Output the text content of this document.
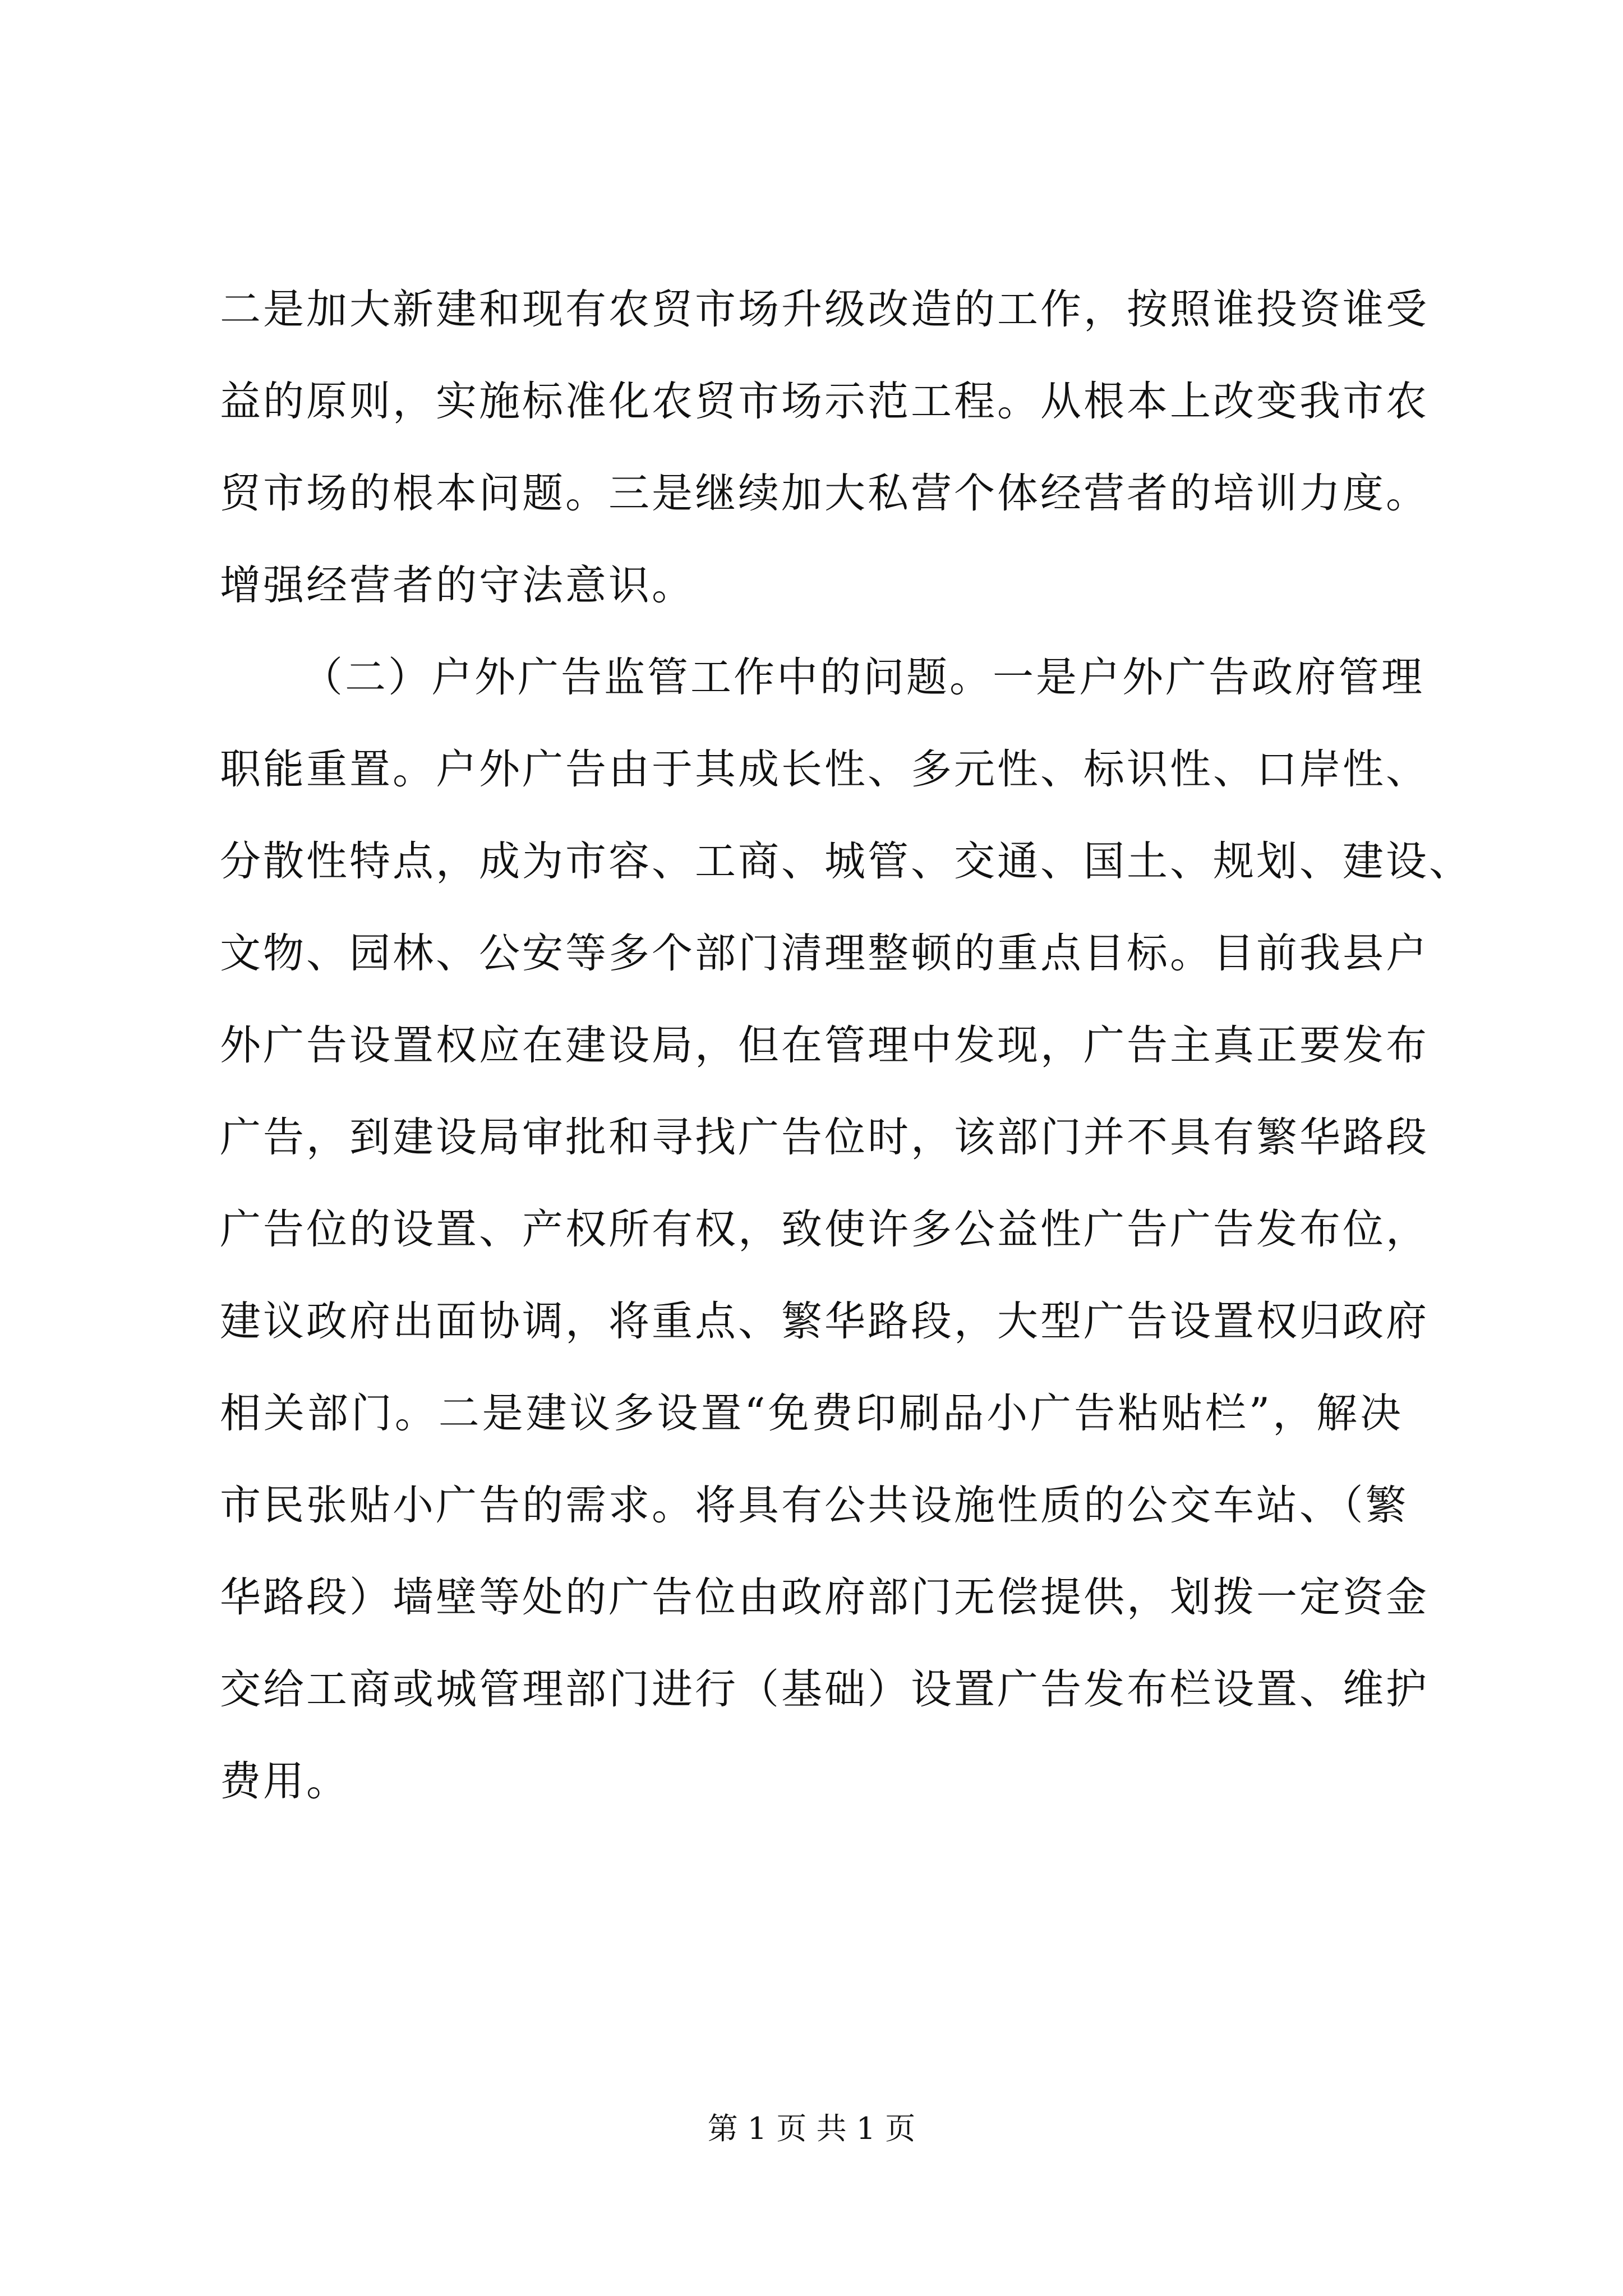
二是加大新建和现有农贸市场升级改造的工作，按照谁投资谁受
益的原则，实施标准化农贸市场示范工程。从根本上改变我市农
贸市场的根本问题。三是继续加大私营个体经营者的培训力度。
增强经营者的守法意识。
（二）户外广告监管工作中的问题。一是户外广告政府管理
职能重置。户外广告由于其成长性、多元性、标识性、口岸性、
分散性特点，成为市容、工商、城管、交通、国土、规划、建设、
文物、园林、公安等多个部门清理整顿的重点目标。目前我县户
外广告设置权应在建设局，但在管理中发现，广告主真正要发布
广告，到建设局审批和寻找广告位时，该部门并不具有繁华路段
广告位的设置、产权所有权，致使许多公益性广告广告发布位，
建议政府出面协调，将重点、繁华路段，大型广告设置权归政府
相关部门。二是建议多设置“免费印刷品小广告粘贴栏”，解决
市民张贴小广告的需求。将具有公共设施性质的公交车站、（繁
华路段）墙壁等处的广告位由政府部门无偿提供，划拨一定资金
交给工商或城管理部门进行（基础）设置广告发布栏设置、维护
费用。
第 1 页 共 1 页
